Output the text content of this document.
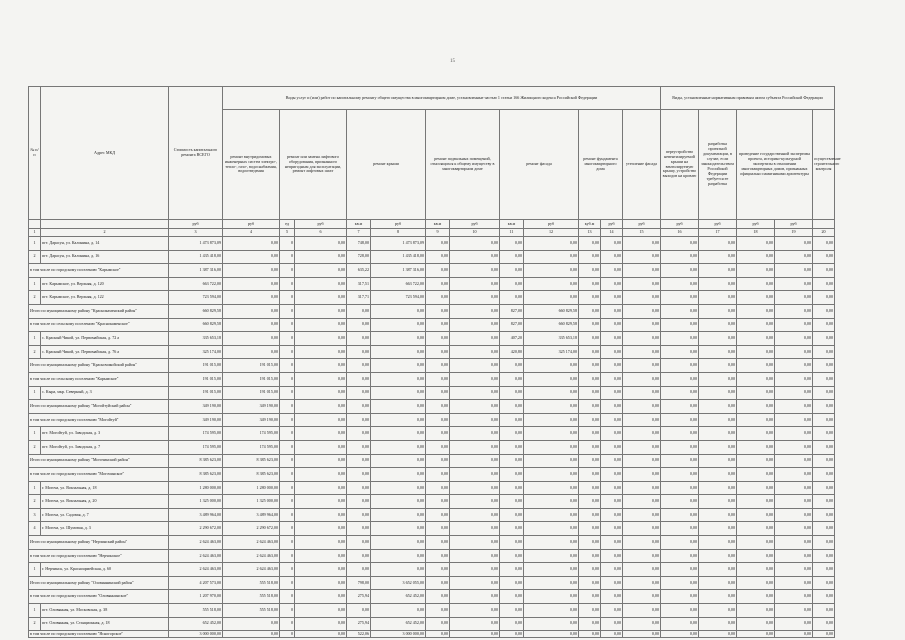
15
№ п/п	Адрес МКД	Стоимость капитального ремонта ВСЕГО	Виды услуг и (или) работ по капитальному ремонту общего имущества в многоквартирном доме, установленные частью 1 статьи 166 Жилищного кодекса Российской Федерации												Виды, установленные нормативным правовым актом субъекта Российской Федерации				
			ремонт внутридомовых инженерных систем электро-, тепло-, газо-, водоснабжения, водоотведения	ремонт или замена лифтового оборудования, признанного непригодным для эксплуатации, ремонт лифтовых шахт		ремонт крыши		ремонт подвальных помещений, относящихся к общему имуществу в многоквартирном доме		ремонт фасада		ремонт фундамента многоквартирного дома		утепление фасада	переустройство невентилируемой крыши на вентилируемую крышу, устройство выходов на кровлю	разработка проектной документации, в случае, если законодательством Российской Федерации требуется ее разработка	проведение государственной экспертизы проекта, историко-культурной экспертизы в отношении многоквартирных домов, признанных официально памятниками архитектуры		осуществление строительного контроля
		руб	руб	ед	руб	кв.м	руб	кв.м	руб	кв.м	руб	куб.м	руб	руб	руб	руб	руб	руб	
1	2	3	4	5	6	7	8	9	10	11	12	13	14	15	16	17	18	19	20
1	пгт. Дарасун, ул. Калинина, д. 14	1 473 873,09	0,00	0	0,00	748,00	1 473 873,09	0,00	0,00	0,00	0,00	0,00	0,00	0,00	0,00	0,00	0,00	0,00	0,00
2	пгт. Дарасун, ул. Калинина, д. 16	1 435 418,00	0,00	0	0,00	728,00	1 435 418,00	0,00	0,00	0,00	0,00	0,00	0,00	0,00	0,00	0,00	0,00	0,00	0,00
в том числе по городскому поселению "Карымское"		1 387 316,00	0,00	0	0,00	635,22	1 387 316,00	0,00	0,00	0,00	0,00	0,00	0,00	0,00	0,00	0,00	0,00	0,00	0,00
1	пгт. Карымское, ул. Верхняя, д. 120	663 722,00	0,00	0	0,00	317,51	663 722,00	0,00	0,00	0,00	0,00	0,00	0,00	0,00	0,00	0,00	0,00	0,00	0,00
2	пгт. Карымское, ул. Верхняя, д. 122	723 594,00	0,00	0	0,00	317,71	723 594,00	0,00	0,00	0,00	0,00	0,00	0,00	0,00	0,00	0,00	0,00	0,00	0,00
Итого по муниципальному району "Краснокаменский район"		660 829,58	0,00	0	0,00	0,00	0,00	0,00	0,00	827,00	660 829,58	0,00	0,00	0,00	0,00	0,00	0,00	0,00	0,00
в том числе по сельскому поселению "Краснокаменское"		660 829,58	0,00	0	0,00	0,00	0,00	0,00	0,00	827,00	660 829,58	0,00	0,00	0,00	0,00	0,00	0,00	0,00	0,00
1	с. Красный Чикой, ул. Первомайская, д. 72 а	335 653,18	0,00	0	0,00	0,00	0,00	0,00	0,00	407,20	335 653,18	0,00	0,00	0,00	0,00	0,00	0,00	0,00	0,00
2	с. Красный Чикой, ул. Первомайская, д. 76 а	325 174,00	0,00	0	0,00	0,00	0,00	0,00	0,00	420,80	325 174,00	0,00	0,00	0,00	0,00	0,00	0,00	0,00	0,00
Итого по муниципальному району "Красночикойский район"		191 015,00	191 015,00	0	0,00	0,00	0,00	0,00	0,00	0,00	0,00	0,00	0,00	0,00	0,00	0,00	0,00	0,00	0,00
в том числе по сельскому поселению "Карымское"		191 015,00	191 015,00	0	0,00	0,00	0,00	0,00	0,00	0,00	0,00	0,00	0,00	0,00	0,00	0,00	0,00	0,00	0,00
1	с. Кыра, мкр. Северный, д. 3	191 015,00	191 015,00	0	0,00	0,00	0,00	0,00	0,00	0,00	0,00	0,00	0,00	0,00	0,00	0,00	0,00	0,00	0,00
Итого по муниципальному району "Могойтуйский район"		349 190,00	349 190,00	0	0,00	0,00	0,00	0,00	0,00	0,00	0,00	0,00	0,00	0,00	0,00	0,00	0,00	0,00	0,00
в том числе по городскому поселению "Могойтуй"		349 190,00	349 190,00	0	0,00	0,00	0,00	0,00	0,00	0,00	0,00	0,00	0,00	0,00	0,00	0,00	0,00	0,00	0,00
1	пгт. Могойтуй, ул. Заводская, д. 3	174 595,00	174 595,00	0	0,00	0,00	0,00	0,00	0,00	0,00	0,00	0,00	0,00	0,00	0,00	0,00	0,00	0,00	0,00
2	пгт. Могойтуй, ул. Заводская, д. 7	174 595,00	174 595,00	0	0,00	0,00	0,00	0,00	0,00	0,00	0,00	0,00	0,00	0,00	0,00	0,00	0,00	0,00	0,00
Итого по муниципальному району "Могочинский район"		8 385 623,00	8 385 623,00	0	0,00	0,00	0,00	0,00	0,00	0,00	0,00	0,00	0,00	0,00	0,00	0,00	0,00	0,00	0,00
в том числе по городскому поселению "Могочинское"		8 385 623,00	8 385 623,00	0	0,00	0,00	0,00	0,00	0,00	0,00	0,00	0,00	0,00	0,00	0,00	0,00	0,00	0,00	0,00
1	г. Могоча, ул. Вокзальная, д. 18	1 280 000,00	1 280 000,00	0	0,00	0,00	0,00	0,00	0,00	0,00	0,00	0,00	0,00	0,00	0,00	0,00	0,00	0,00	0,00
2	г. Могоча, ул. Вокзальная, д. 20	1 325 000,00	1 325 000,00	0	0,00	0,00	0,00	0,00	0,00	0,00	0,00	0,00	0,00	0,00	0,00	0,00	0,00	0,00	0,00
3	г. Могоча, ул. Садовая, д. 7	3 489 964,00	3 489 964,00	0	0,00	0,00	0,00	0,00	0,00	0,00	0,00	0,00	0,00	0,00	0,00	0,00	0,00	0,00	0,00
4	г. Могоча, ул. Шумовая, д. 3	2 290 672,00	2 290 672,00	0	0,00	0,00	0,00	0,00	0,00	0,00	0,00	0,00	0,00	0,00	0,00	0,00	0,00	0,00	0,00
Итого по муниципальному району "Нерчинский район"		2 624 463,00	2 624 463,00	0	0,00	0,00	0,00	0,00	0,00	0,00	0,00	0,00	0,00	0,00	0,00	0,00	0,00	0,00	0,00
в том числе по городскому поселению "Нерчинское"		2 624 463,00	2 624 463,00	0	0,00	0,00	0,00	0,00	0,00	0,00	0,00	0,00	0,00	0,00	0,00	0,00	0,00	0,00	0,00
1	г. Нерчинск, ул. Красноармейская, д. 60	2 624 463,00	2 624 463,00	0	0,00	0,00	0,00	0,00	0,00	0,00	0,00	0,00	0,00	0,00	0,00	0,00	0,00	0,00	0,00
Итого по муниципальному району "Оловяннинский район"		4 207 573,00	555 518,00	0	0,00	798,00	3 652 055,00	0,00	0,00	0,00	0,00	0,00	0,00	0,00	0,00	0,00	0,00	0,00	0,00
в том числе по городскому поселению "Оловяннинское"		1 207 970,00	555 518,00	0	0,00	275,94	652 452,00	0,00	0,00	0,00	0,00	0,00	0,00	0,00	0,00	0,00	0,00	0,00	0,00
1	пгт. Оловянная, ул. Московская, д. 38	555 518,00	555 518,00	0	0,00	0,00	0,00	0,00	0,00	0,00	0,00	0,00	0,00	0,00	0,00	0,00	0,00	0,00	0,00
2	пгт. Оловянная, ул. Станционная, д. 18	652 452,00	0,00	0	0,00	275,94	652 452,00	0,00	0,00	0,00	0,00	0,00	0,00	0,00	0,00	0,00	0,00	0,00	0,00
в том числе по городскому поселению "Ясногорское"		3 000 000,00	0,00	0	0,00	522,06	3 000 000,00	0,00	0,00	0,00	0,00	0,00	0,00	0,00	0,00	0,00	0,00	0,00	0,00
